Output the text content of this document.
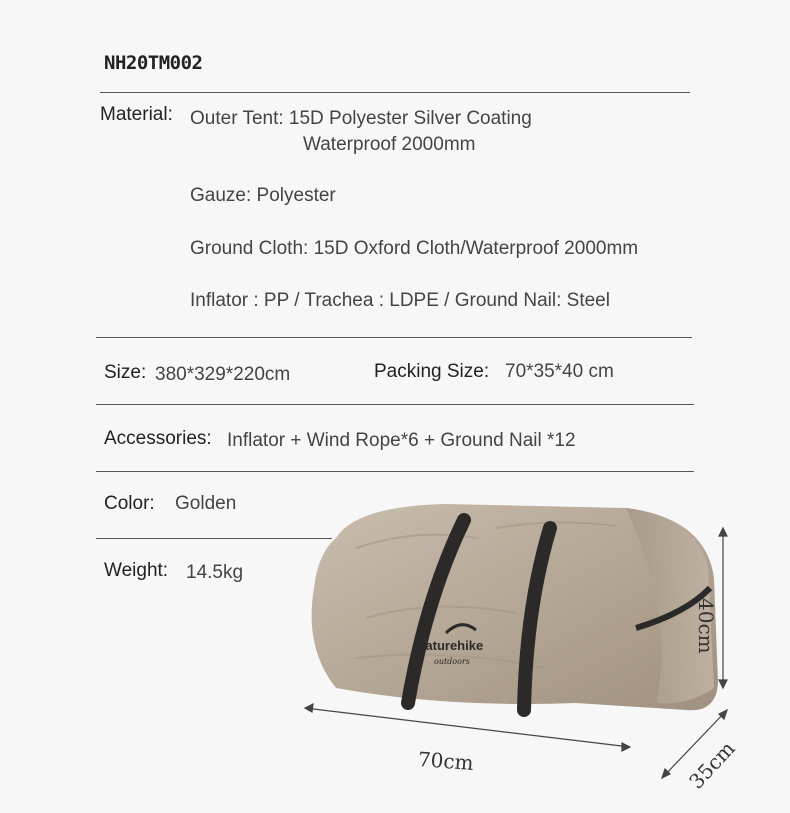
NH20TM002
Material: Outer Tent: 15D Polyester Silver Coating
Waterproof 2000mm
Gauze: Polyester
Ground Cloth: 15D Oxford Cloth/Waterproof 2000mm
Inflator : PP / Trachea : LDPE / Ground Nail: Steel
Size: 380*329*220cm	Packing Size: 70*35*40 cm
Accessories: Inflator + Wind Rope*6 + Ground Nail *12
Color: Golden
Weight: 14.5kg
Naturehike
outdoors
70cm
40cm
35cm
